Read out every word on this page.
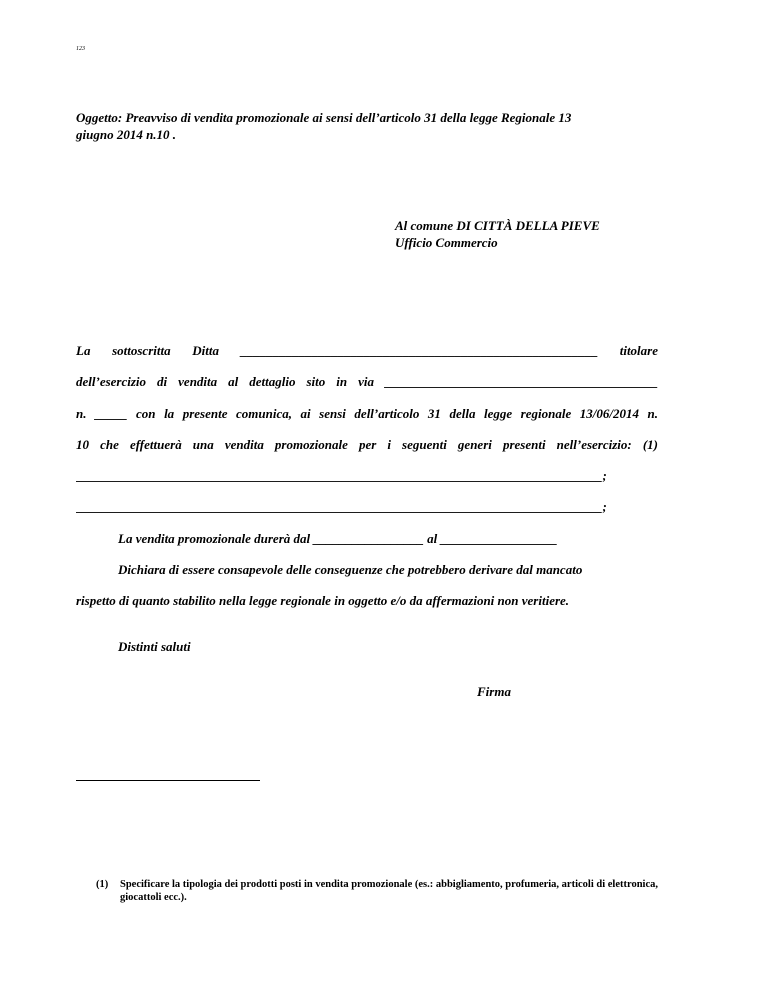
123
Oggetto: Preavviso di vendita promozionale ai sensi dell’articolo 31 della legge Regionale 13
giugno 2014 n.10 .
Al comune DI CITTÀ DELLA PIEVE
Ufficio Commercio
La sottoscritta Ditta _______________________________________________________ titolare
dell’esercizio di vendita al dettaglio sito in via __________________________________________
n. _____ con la presente comunica, ai sensi dell’articolo 31 della legge regionale 13/06/2014 n.
10 che effettuerà una vendita promozionale per i seguenti generi presenti nell’esercizio: (1)
_________________________________________________________________________________;
_________________________________________________________________________________;
La vendita promozionale durerà dal _________________ al __________________
Dichiara di essere consapevole delle conseguenze che potrebbero derivare dal mancato
rispetto di quanto stabilito nella legge regionale in oggetto e/o da affermazioni non veritiere.
Distinti saluti
Firma
(1) Specificare la tipologia dei prodotti posti in vendita promozionale (es.: abbigliamento, profumeria, articoli di elettronica, giocattoli ecc.).
